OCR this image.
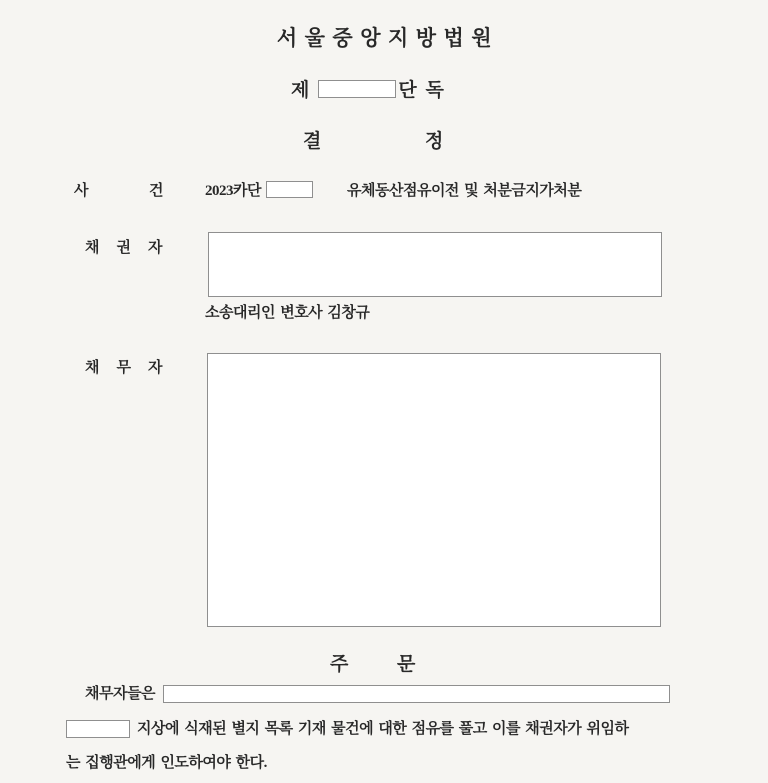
서울중앙지방법원
제	단 독
결	정
사	건	2023카단	유체동산점유이전 및 처분금지가처분
채권자
소송대리인 변호사 김창규
채무자
주	문
채무자들은
지상에 식재된 별지 목록 기재 물건에 대한 점유를 풀고 이를 채권자가 위임하
는 집행관에게 인도하여야 한다.
